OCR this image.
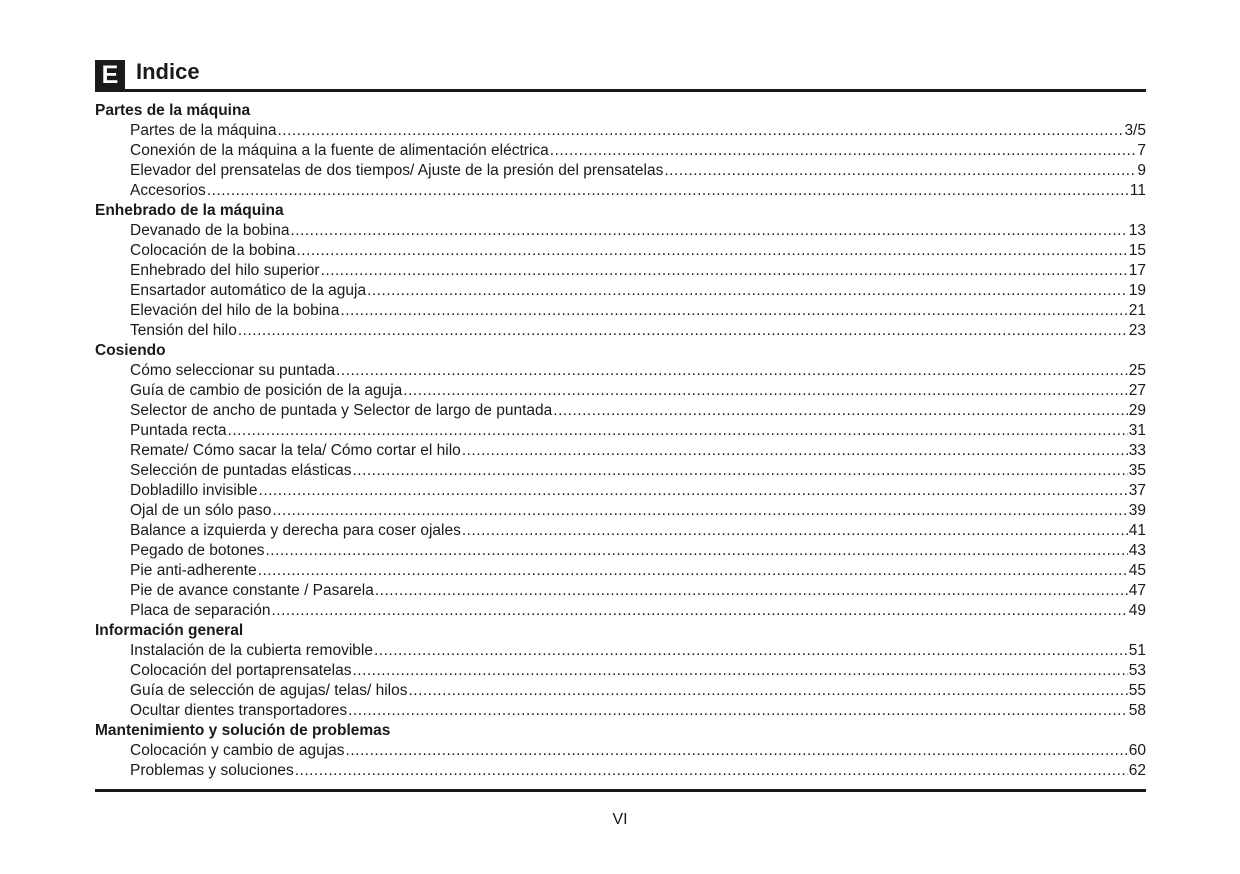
E Indice
Partes de la máquina
Partes de la máquina .....	3/5
Conexión de la máquina a la fuente de alimentación eléctrica .....	7
Elevador del prensatelas de dos tiempos/ Ajuste de la presión del prensatelas .....	9
Accesorios .....	11
Enhebrado de la máquina
Devanado de la bobina .....	13
Colocación de la bobina .....	15
Enhebrado del hilo superior .....	17
Ensartador automático de la aguja .....	19
Elevación del hilo de la bobina .....	21
Tensión del hilo .....	23
Cosiendo
Cómo seleccionar su puntada .....	25
Guía de cambio de posición de la aguja .....	27
Selector de ancho de puntada y Selector de largo de puntada .....	29
Puntada recta .....	31
Remate/ Cómo sacar la tela/ Cómo cortar el hilo .....	33
Selección de puntadas elásticas .....	35
Dobladillo invisible .....	37
Ojal de un sólo paso .....	39
Balance a izquierda y derecha para coser ojales .....	41
Pegado de botones .....	43
Pie anti-adherente .....	45
Pie de avance constante / Pasarela .....	47
Placa de separación .....	49
Información general
Instalación de la cubierta removible .....	51
Colocación del portaprensatelas .....	53
Guía de selección de agujas/ telas/ hilos .....	55
Ocultar dientes transportadores .....	58
Mantenimiento y solución de problemas
Colocación y cambio de agujas .....	60
Problemas y soluciones .....	62
VI
